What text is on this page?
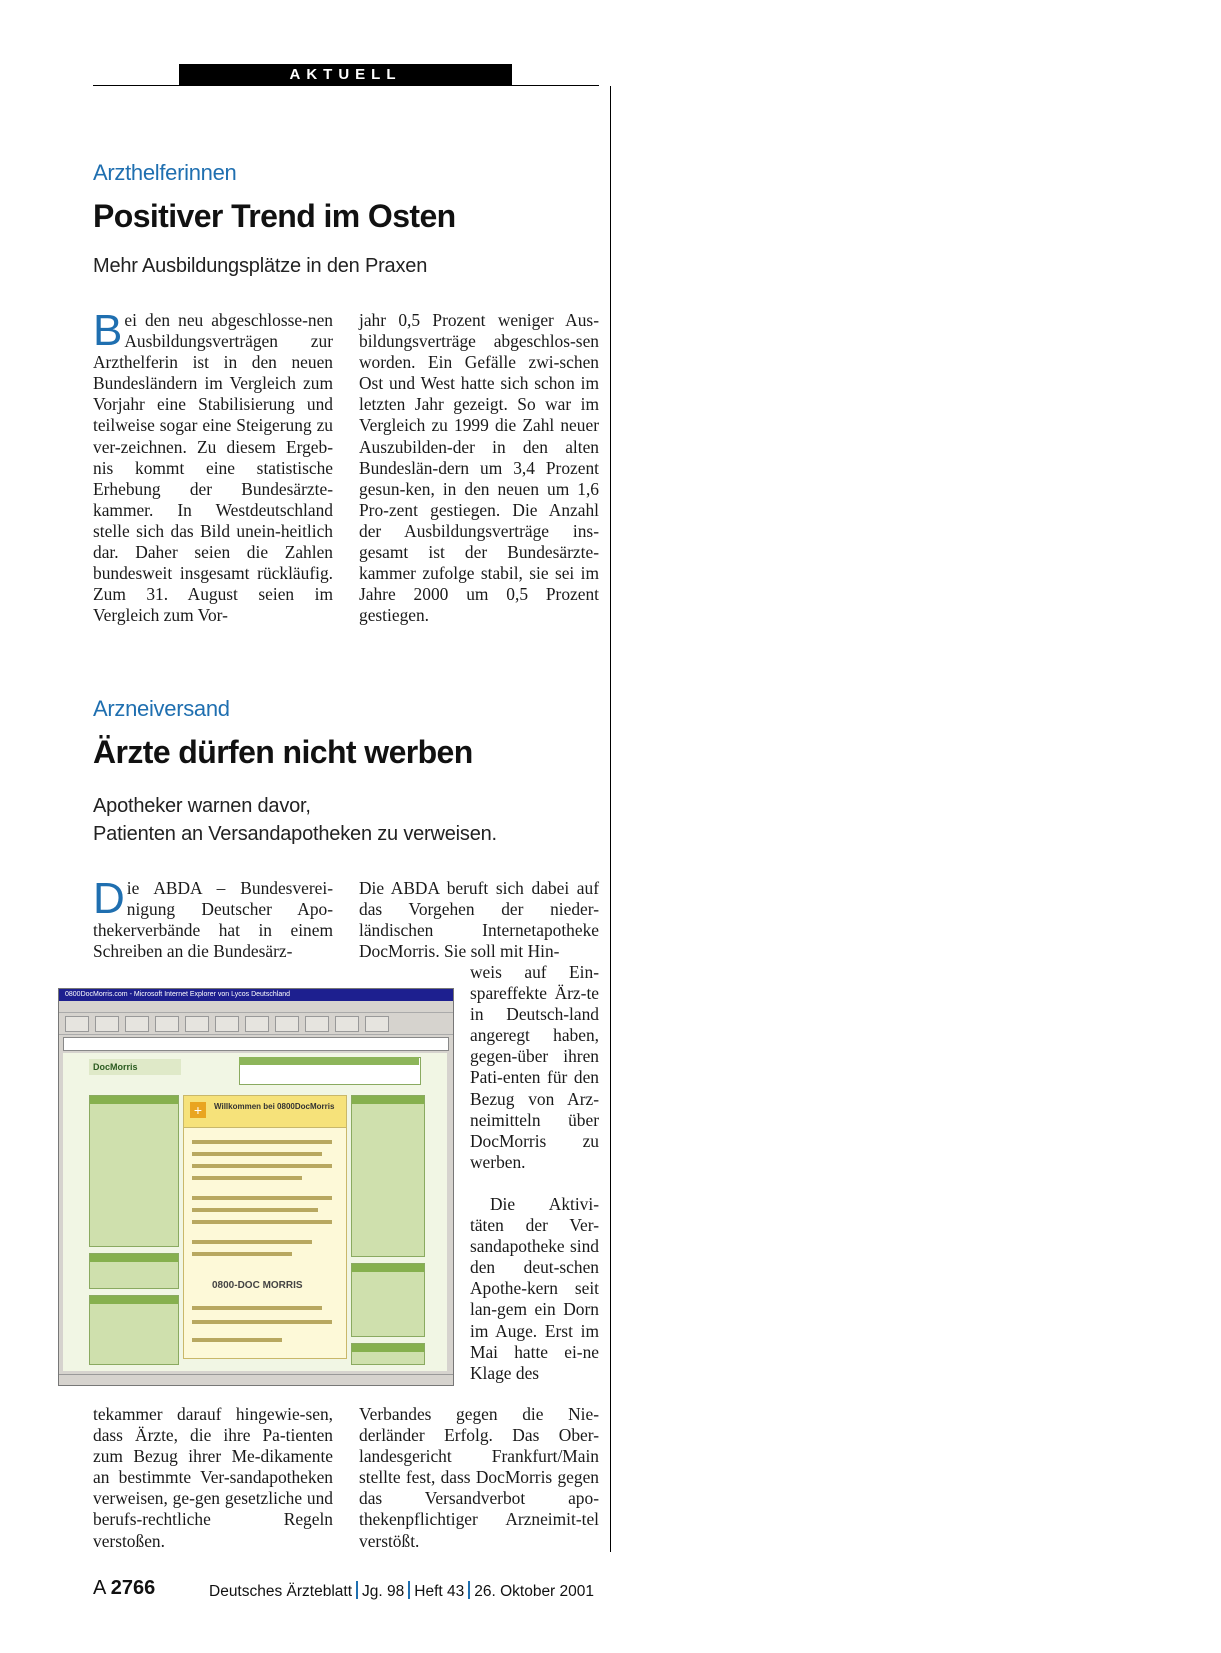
AKTUELL
Arzthelferinnen
Positiver Trend im Osten
Mehr Ausbildungsplätze in den Praxen
Bei den neu abgeschlosse-nen Ausbildungsverträgen zur Arzthelferin ist in den neuen Bundesländern im Vergleich zum Vorjahr eine Stabilisierung und teilweise sogar eine Steigerung zu ver-zeichnen. Zu diesem Ergeb-nis kommt eine statistische Erhebung der Bundesärzte-kammer. In Westdeutschland stelle sich das Bild unein-heitlich dar. Daher seien die Zahlen bundesweit insgesamt rückläufig. Zum 31. August seien im Vergleich zum Vor-
jahr 0,5 Prozent weniger Aus-bildungsverträge abgeschlos-sen worden. Ein Gefälle zwi-schen Ost und West hatte sich schon im letzten Jahr gezeigt. So war im Vergleich zu 1999 die Zahl neuer Auszubilden-der in den alten Bundeslän-dern um 3,4 Prozent gesun-ken, in den neuen um 1,6 Pro-zent gestiegen. Die Anzahl der Ausbildungsverträge ins-gesamt ist der Bundesärzte-kammer zufolge stabil, sie sei im Jahre 2000 um 0,5 Prozent gestiegen.
Arzneiversand
Ärzte dürfen nicht werben
Apotheker warnen davor,
Patienten an Versandapotheken zu verweisen.
Die ABDA – Bundesverei-nigung Deutscher Apo-thekerverbände hat in einem Schreiben an die Bundesärz-
Die ABDA beruft sich dabei auf das Vorgehen der nieder-ländischen Internetapotheke DocMorris. Sie soll mit Hin-
weis auf Ein-spareffekte Ärz-te in Deutsch-land angeregt haben, gegen-über ihren Pati-enten für den Bezug von Arz-neimitteln über DocMorris zu werben.
Die Aktivi-täten der Ver-sandapotheke sind den deut-schen Apothe-kern seit lan-gem ein Dorn im Auge. Erst im Mai hatte ei-ne Klage des
tekammer darauf hingewie-sen, dass Ärzte, die ihre Pa-tienten zum Bezug ihrer Me-dikamente an bestimmte Ver-sandapotheken verweisen, ge-gen gesetzliche und berufs-rechtliche Regeln verstoßen.
Verbandes gegen die Nie-derländer Erfolg. Das Ober-landesgericht Frankfurt/Main stellte fest, dass DocMorris gegen das Versandverbot apo-thekenpflichtiger Arzneimit-tel verstößt.
0800DocMorris.com - Microsoft Internet Explorer von Lycos Deutschland
DocMorris
+	Willkommen bei 0800DocMorris
0800-DOC MORRIS
A 2766	Deutsches Ärzteblatt Jg. 98 Heft 43 26. Oktober 2001
